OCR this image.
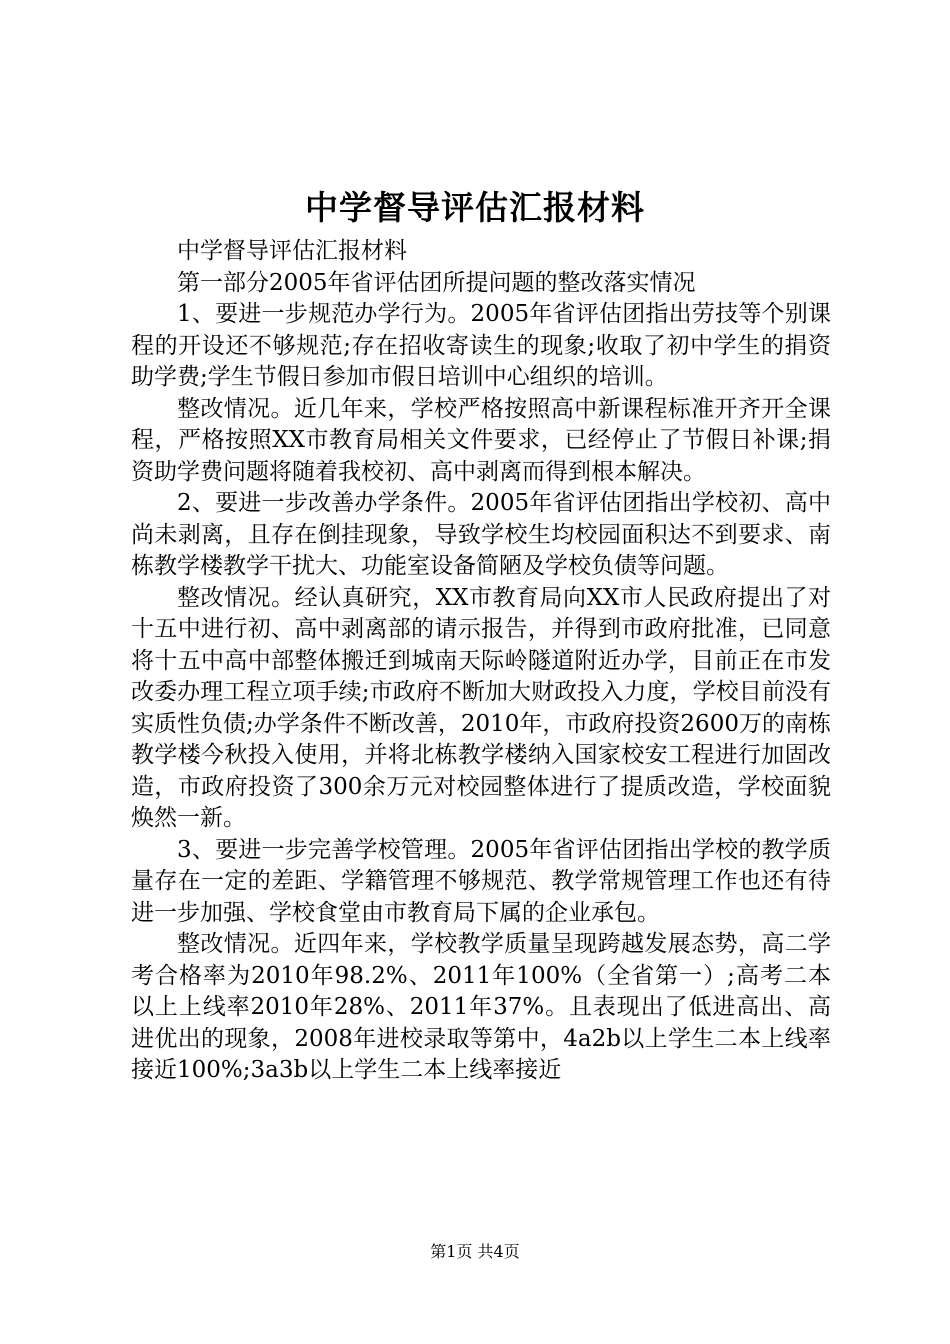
中学督导评估汇报材料

中学督导评估汇报材料

第一部分2005年省评估团所提问题的整改落实情况

1、要进一步规范办学行为。2005年省评估团指出劳技等个别课程的开设还不够规范;存在招收寄读生的现象;收取了初中学生的捐资助学费;学生节假日参加市假日培训中心组织的培训。

整改情况。近几年来，学校严格按照高中新课程标准开齐开全课程，严格按照XX市教育局相关文件要求，已经停止了节假日补课;捐资助学费问题将随着我校初、高中剥离而得到根本解决。

2、要进一步改善办学条件。2005年省评估团指出学校初、高中尚未剥离，且存在倒挂现象，导致学校生均校园面积达不到要求、南栋教学楼教学干扰大、功能室设备简陋及学校负债等问题。

整改情况。经认真研究，XX市教育局向XX市人民政府提出了对十五中进行初、高中剥离部的请示报告，并得到市政府批准，已同意将十五中高中部整体搬迁到城南天际岭隧道附近办学，目前正在市发改委办理工程立项手续;市政府不断加大财政投入力度，学校目前没有实质性负债;办学条件不断改善，2010年，市政府投资2600万的南栋教学楼今秋投入使用，并将北栋教学楼纳入国家校安工程进行加固改造，市政府投资了300余万元对校园整体进行了提质改造，学校面貌焕然一新。

3、要进一步完善学校管理。2005年省评估团指出学校的教学质量存在一定的差距、学籍管理不够规范、教学常规管理工作也还有待进一步加强、学校食堂由市教育局下属的企业承包。

整改情况。近四年来，学校教学质量呈现跨越发展态势，高二学考合格率为2010年98.2%、2011年100%（全省第一）;高考二本以上上线率2010年28%、2011年37%。且表现出了低进高出、高进优出的现象，2008年进校录取等第中，4a2b以上学生二本上线率接近100%;3a3b以上学生二本上线率接近

第1页 共4页
